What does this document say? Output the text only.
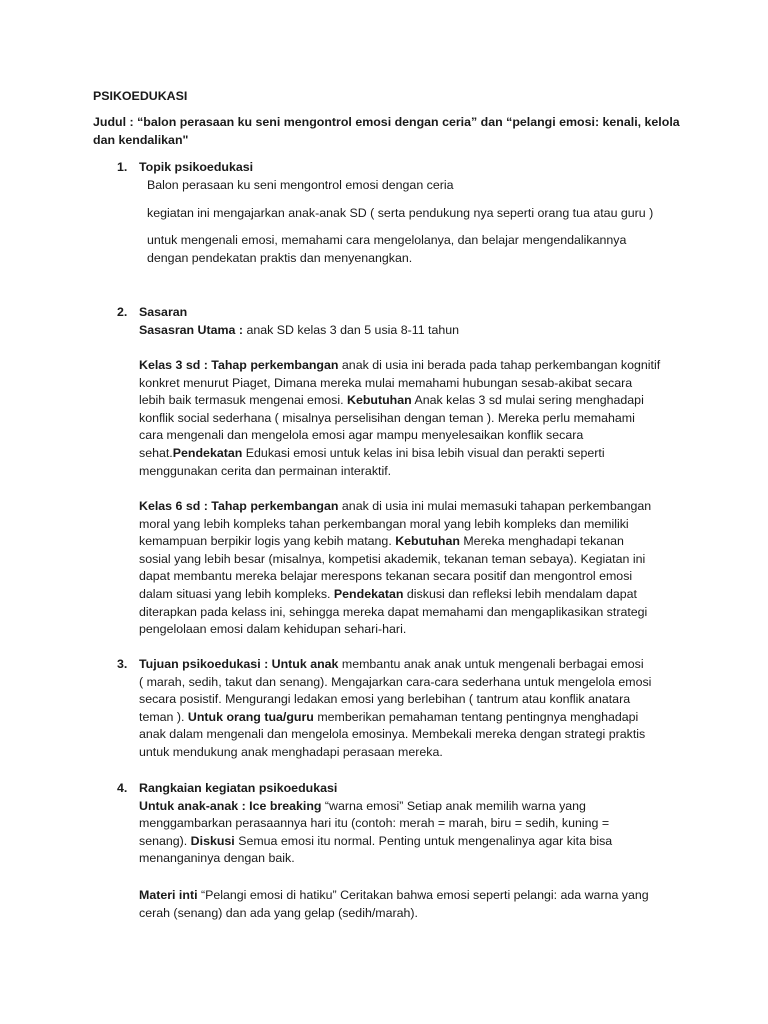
PSIKOEDUKASI
Judul : “balon perasaan ku seni mengontrol emosi dengan ceria” dan “pelangi emosi: kenali, kelola
dan kendalikan"
1. Topik psikoedukasi
Balon perasaan ku seni mengontrol emosi dengan ceria
kegiatan ini mengajarkan anak-anak SD ( serta pendukung nya seperti orang tua atau guru )
untuk mengenali emosi, memahami cara mengelolanya, dan belajar mengendalikannya
dengan pendekatan praktis dan menyenangkan.
2. Sasaran
Sasasran Utama : anak SD kelas 3 dan 5 usia 8-11 tahun
Kelas 3 sd : Tahap perkembangan anak di usia ini berada pada tahap perkembangan kognitif
konkret menurut Piaget, Dimana mereka mulai memahami hubungan sesab-akibat secara
lebih baik termasuk mengenai emosi. Kebutuhan Anak kelas 3 sd mulai sering menghadapi
konflik social sederhana ( misalnya perselisihan dengan teman ). Mereka perlu memahami
cara mengenali dan mengelola emosi agar mampu menyelesaikan konflik secara
sehat.Pendekatan Edukasi emosi untuk kelas ini bisa lebih visual dan perakti seperti
menggunakan cerita dan permainan interaktif.
Kelas 6 sd : Tahap perkembangan anak di usia ini mulai memasuki tahapan perkembangan
moral yang lebih kompleks tahan perkembangan moral yang lebih kompleks dan memiliki
kemampuan berpikir logis yang kebih matang. Kebutuhan Mereka menghadapi tekanan
sosial yang lebih besar (misalnya, kompetisi akademik, tekanan teman sebaya). Kegiatan ini
dapat membantu mereka belajar merespons tekanan secara positif dan mengontrol emosi
dalam situasi yang lebih kompleks. Pendekatan diskusi dan refleksi lebih mendalam dapat
diterapkan pada kelass ini, sehingga mereka dapat memahami dan mengaplikasikan strategi
pengelolaan emosi dalam kehidupan sehari-hari.
3. Tujuan psikoedukasi : Untuk anak membantu anak anak untuk mengenali berbagai emosi
( marah, sedih, takut dan senang). Mengajarkan cara-cara sederhana untuk mengelola emosi
secara posistif. Mengurangi ledakan emosi yang berlebihan ( tantrum atau konflik anatara
teman ). Untuk orang tua/guru memberikan pemahaman tentang pentingnya menghadapi
anak dalam mengenali dan mengelola emosinya. Membekali mereka dengan strategi praktis
untuk mendukung anak menghadapi perasaan mereka.
4. Rangkaian kegiatan psikoedukasi
Untuk anak-anak : Ice breaking “warna emosi” Setiap anak memilih warna yang
menggambarkan perasaannya hari itu (contoh: merah = marah, biru = sedih, kuning =
senang). Diskusi Semua emosi itu normal. Penting untuk mengenalinya agar kita bisa
menanganinya dengan baik.
Materi inti “Pelangi emosi di hatiku” Ceritakan bahwa emosi seperti pelangi: ada warna yang
cerah (senang) dan ada yang gelap (sedih/marah).
